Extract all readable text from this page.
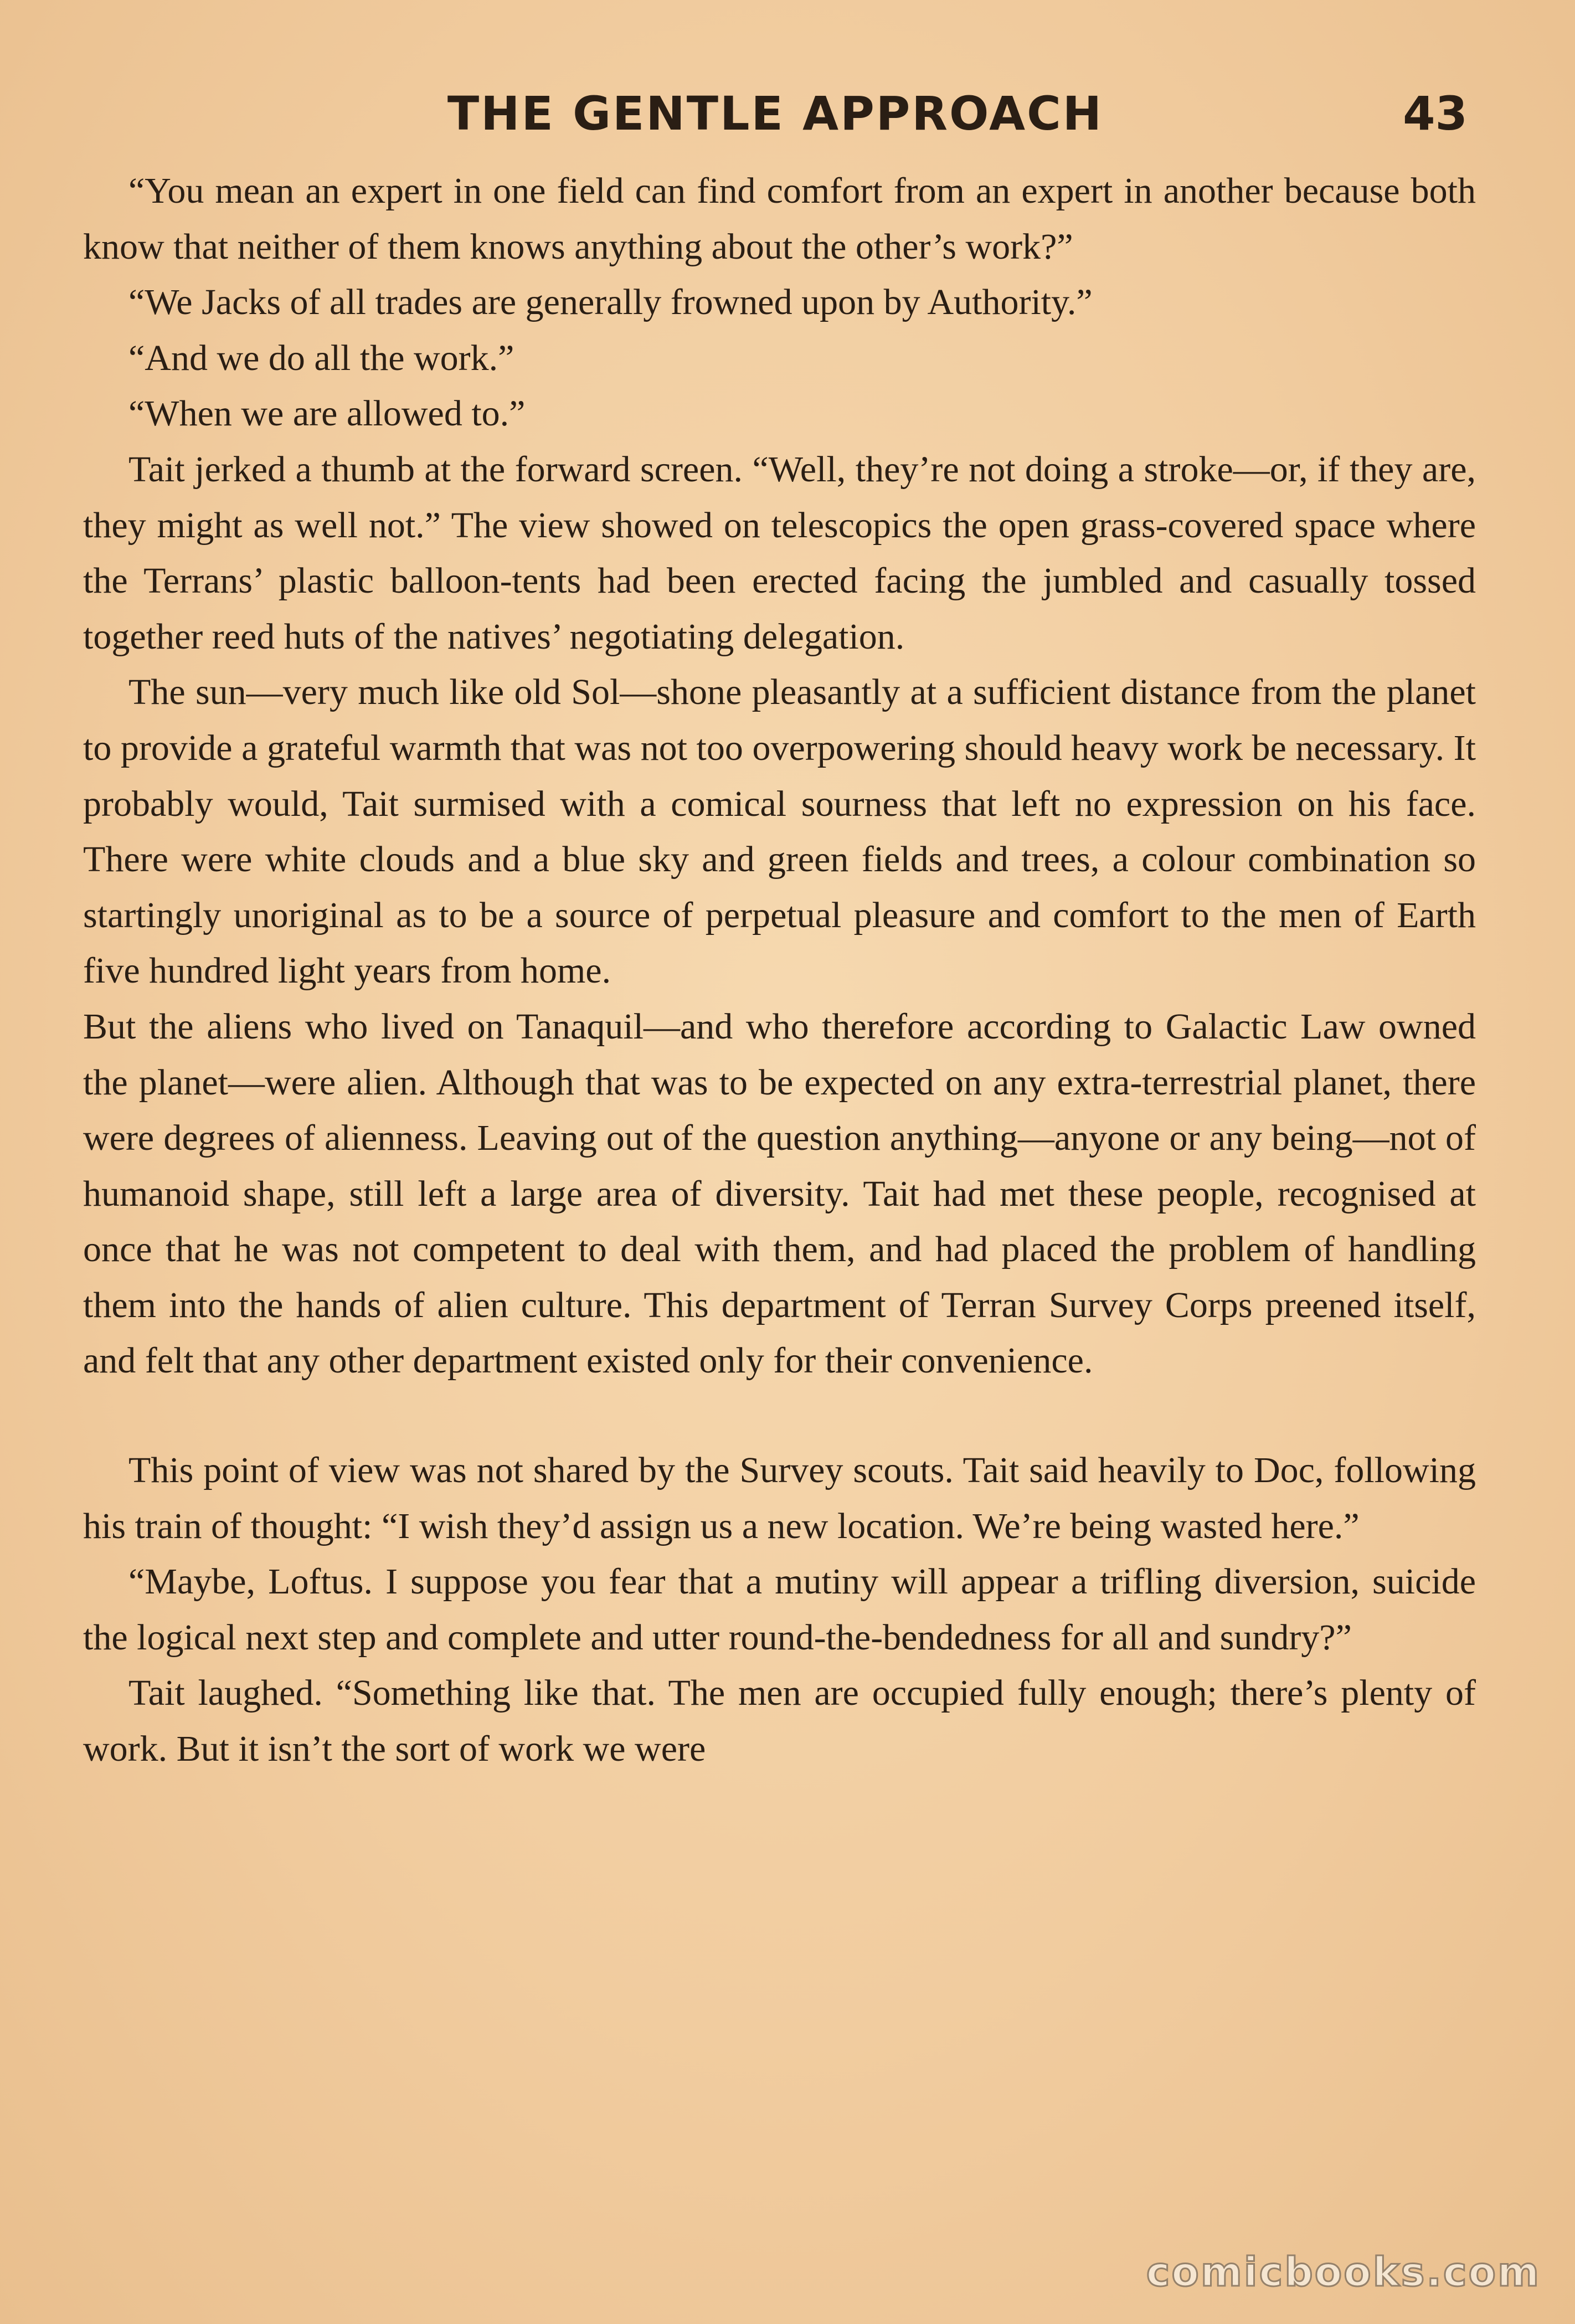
THE GENTLE APPROACH	43

“You mean an expert in one field can find comfort from an expert in another because both know that neither of them knows anything about the other’s work?”

“We Jacks of all trades are generally frowned upon by Authority.”

“And we do all the work.”

“When we are allowed to.”

Tait jerked a thumb at the forward screen. “Well, they’re not doing a stroke—or, if they are, they might as well not.” The view showed on telescopics the open grass-covered space where the Terrans’ plastic balloon-tents had been erected facing the jumbled and casually tossed together reed huts of the natives’ negotiating delegation.

The sun—very much like old Sol—shone pleasantly at a sufficient distance from the planet to provide a grateful warmth that was not too overpowering should heavy work be necessary. It probably would, Tait surmised with a comical sourness that left no expression on his face. There were white clouds and a blue sky and green fields and trees, a colour combination so startingly unoriginal as to be a source of perpetual pleasure and comfort to the men of Earth five hundred light years from home.

But the aliens who lived on Tanaquil—and who therefore according to Galactic Law owned the planet—were alien. Although that was to be expected on any extra-terrestrial planet, there were degrees of alienness. Leaving out of the question anything—anyone or any being—not of humanoid shape, still left a large area of diversity. Tait had met these people, recognised at once that he was not competent to deal with them, and had placed the problem of handling them into the hands of alien culture. This department of Terran Survey Corps preened itself, and felt that any other department existed only for their convenience.

This point of view was not shared by the Survey scouts. Tait said heavily to Doc, following his train of thought: “I wish they’d assign us a new location. We’re being wasted here.”

“Maybe, Loftus. I suppose you fear that a mutiny will appear a trifling diversion, suicide the logical next step and complete and utter round-the-bendedness for all and sundry?”

Tait laughed. “Something like that. The men are occupied fully enough; there’s plenty of work. But it isn’t the sort of work we were

comicbooks.com
